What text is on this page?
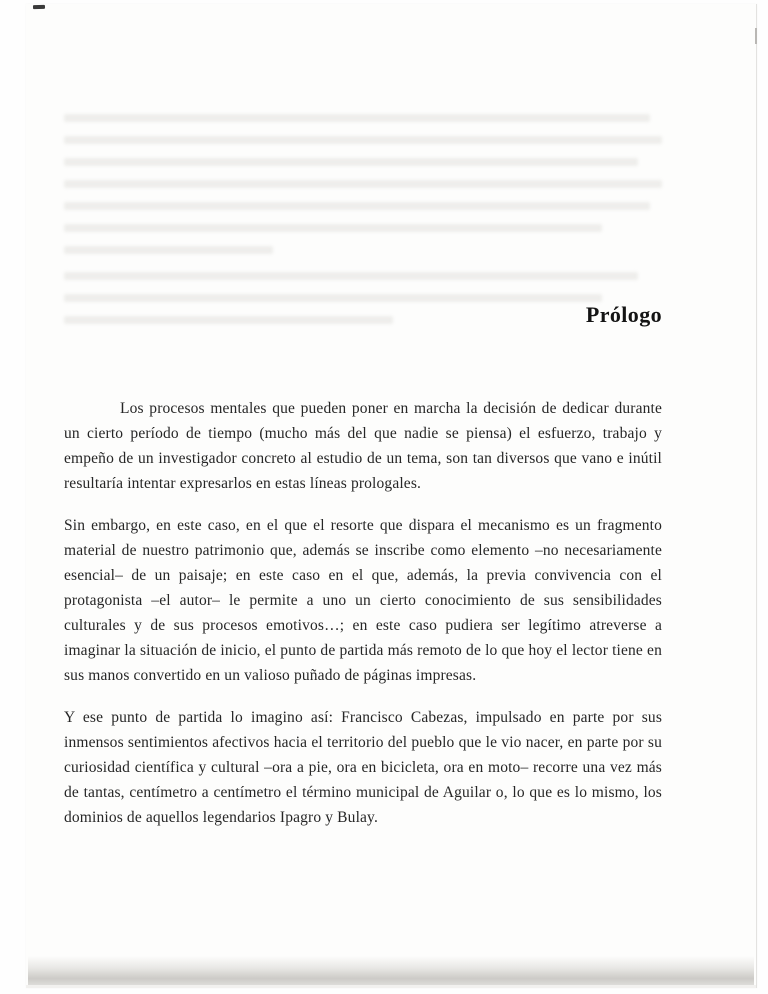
Prólogo

Los procesos mentales que pueden poner en marcha la decisión de dedicar durante un cierto período de tiempo (mucho más del que nadie se piensa) el esfuerzo, trabajo y empeño de un investigador concreto al estudio de un tema, son tan diversos que vano e inútil resultaría intentar expresarlos en estas líneas prologales.

Sin embargo, en este caso, en el que el resorte que dispara el mecanismo es un fragmento material de nuestro patrimonio que, además se inscribe como elemento –no necesariamente esencial– de un paisaje; en este caso en el que, además, la previa convivencia con el protagonista –el autor– le permite a uno un cierto conocimiento de sus sensibilidades culturales y de sus procesos emotivos…; en este caso pudiera ser legítimo atreverse a imaginar la situación de inicio, el punto de partida más remoto de lo que hoy el lector tiene en sus manos convertido en un valioso puñado de páginas impresas.

Y ese punto de partida lo imagino así: Francisco Cabezas, impulsado en parte por sus inmensos sentimientos afectivos hacia el territorio del pueblo que le vio nacer, en parte por su curiosidad científica y cultural –ora a pie, ora en bicicleta, ora en moto– recorre una vez más de tantas, centímetro a centímetro el término municipal de Aguilar o, lo que es lo mismo, los dominios de aquellos legendarios Ipagro y Bulay.
